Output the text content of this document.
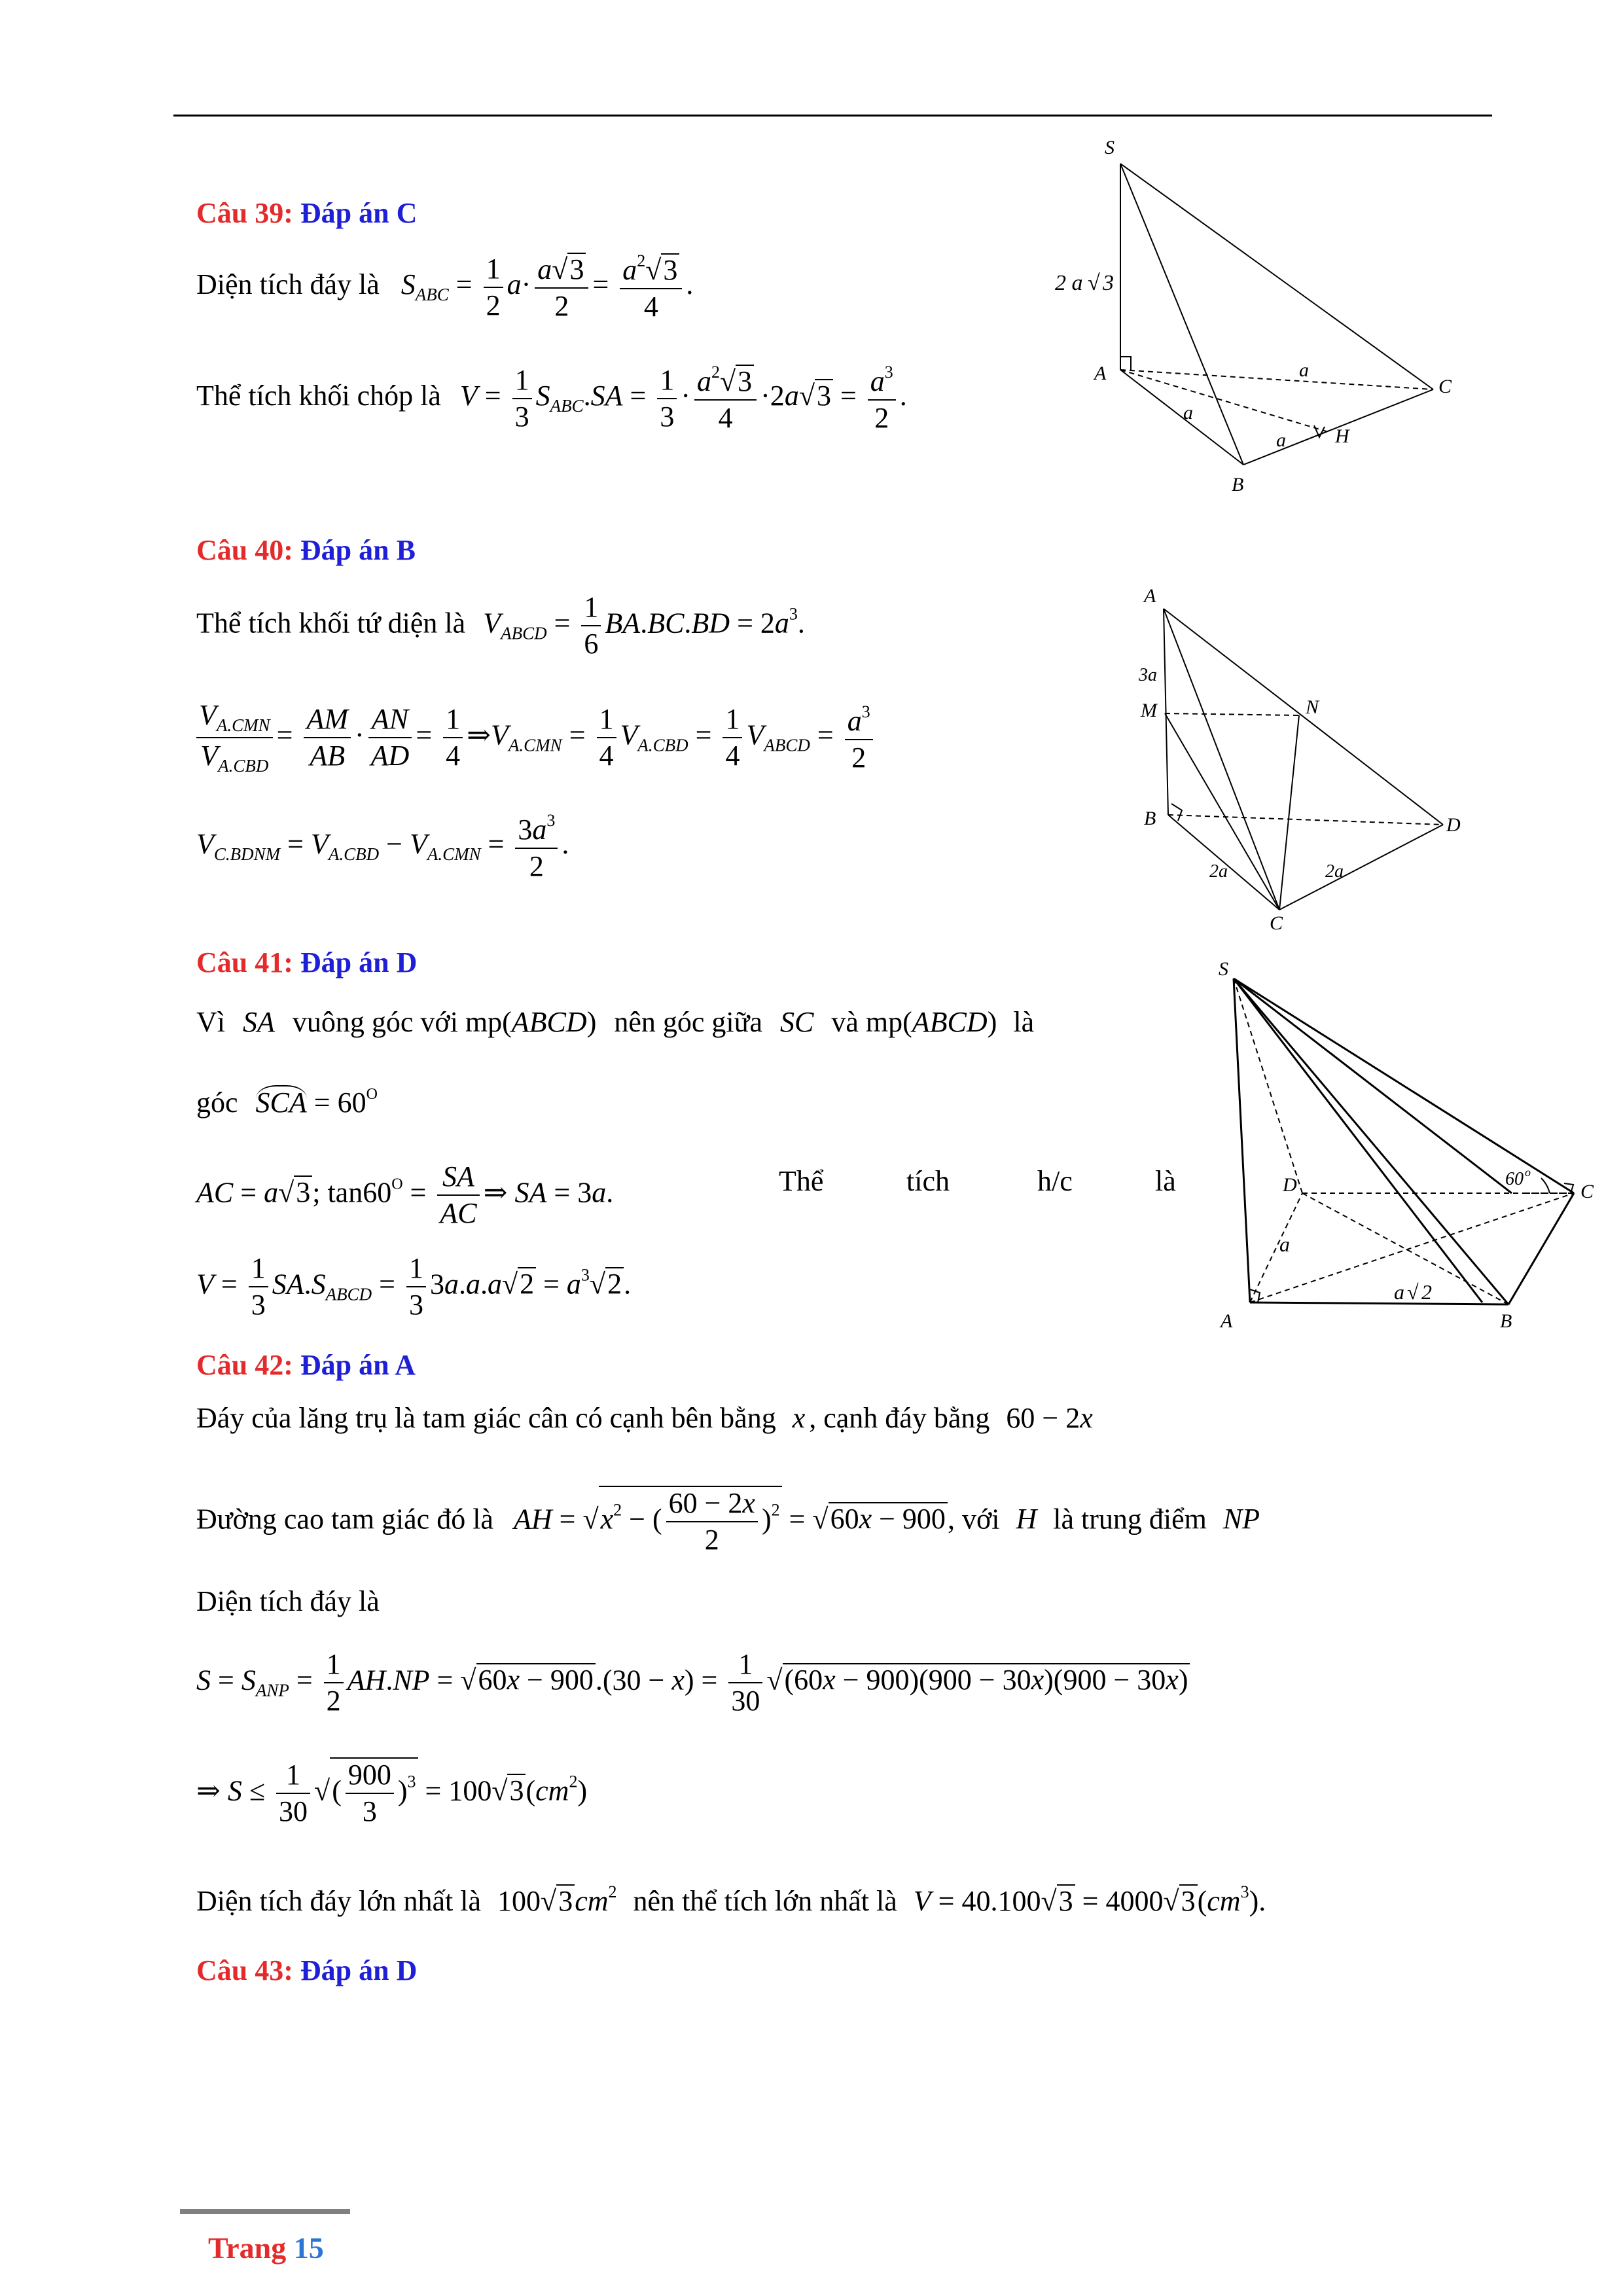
Câu 39: Đáp án C
Diện tích đáy là $S_{ABC} = \frac{1}{2} a\cdot \frac{a√3}{2} = \frac{a^2√3}{4}$ .
Thể tích khối chóp là $V = \frac{1}{3} S_{ABC}.SA = \frac{1}{3} \cdot \frac{a^2√3}{4} \cdot 2a√3 = \frac{a^3}{2}$ .
S
2 a √ 3
A
B
C
H
a
a
a
Câu 40: Đáp án B
Thể tích khối tứ diện là $V_{ABCD} = \frac{1}{6} BA.BC.BD = 2a^3$.
$\frac{V_{A.CMN}}{V_{A.CBD}} = \frac{AM}{AB} \cdot \frac{AN}{AD} = \frac{1}{4}$ $\Rightarrow V_{A.CMN} = \frac{1}{4} V_{A.CBD} = \frac{1}{4} V_{ABCD} = \frac{a^3}{2}$
$V_{C.BDNM} = V_{A.CBD} - V_{A.CMN} = \frac{3a^3}{2}$ .
A
3a
M	N
B	D
C
2a	2a
Câu 41: Đáp án D
Vì SA vuông góc với mp(ABCD) nên góc giữa SC và mp(ABCD) là
góc SCA = $60^O$
AC = a√3; $\tan 60^O = \frac{SA}{AC}$ ⇒ SA = 3a.	Thể	tích	h/c	là
$V = \frac{1}{3} SA.S_{ABCD} = \frac{1}{3} 3a.a.a√2 = a^3√2$.
S
D	C
A	B
a
a √ 2
60 o
Câu 42: Đáp án A
Đáy của lăng trụ là tam giác cân có cạnh bên bằng x , cạnh đáy bằng 60 − 2x
Đường cao tam giác đó là AH = $√x^2$ − ( $\frac{60 - 2x}{2} )^2 = √60x - 900$, với H là trung điểm NP
Diện tích đáy là
$S = S_{ANP} = \frac{1}{2} AH.NP = √60x - 900.(30 - x) = \frac{1}{30} √(60x - 900)(900 - 30x)(900 - 30x)$
⇒ $S \le \frac{1}{30}$ √( $\frac{900}{3} )^3 = 100√3(cm^2)$
Diện tích đáy lớn nhất là $100√3cm^2$ nên thể tích lớn nhất là $V = 40.100√3 = 4000√3(cm^3)$.
Câu 43: Đáp án D
Trang 15
